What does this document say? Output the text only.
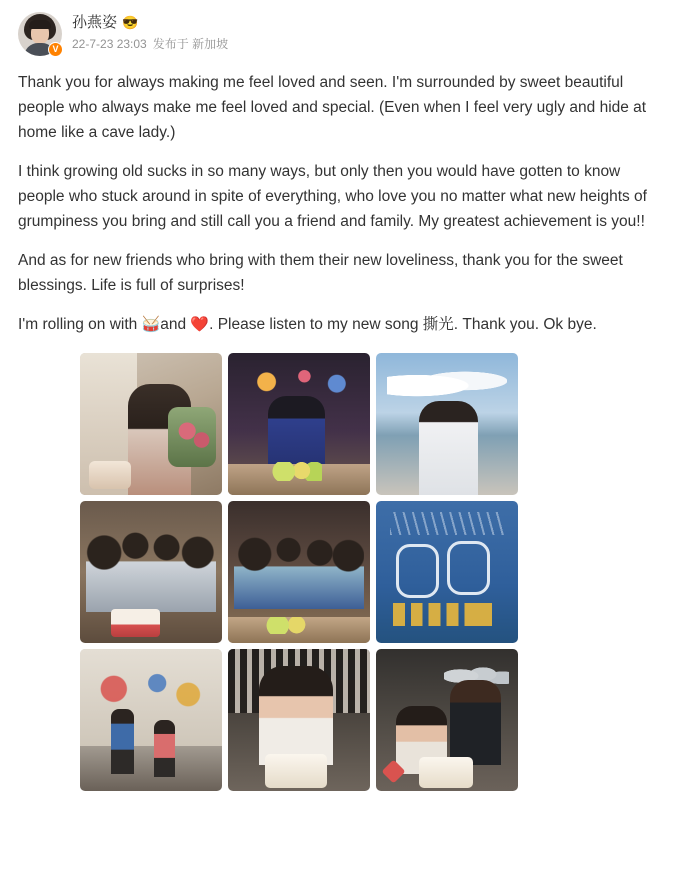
V
孙燕姿 😎
22-7-23 23:03 发布于 新加坡

Thank you for always making me feel loved and seen. I'm surrounded by sweet beautiful people who always make me feel loved and special. (Even when I feel very ugly and hide at home like a cave lady.)

I think growing old sucks in so many ways, but only then you would have gotten to know people who stuck around in spite of everything, who love you no matter what new heights of grumpiness you bring and still call you a friend and family. My greatest achievement is you!!

And as for new friends who bring with them their new loveliness, thank you for the sweet blessings. Life is full of surprises!

I'm rolling on with 🥁and ❤️. Please listen to my new song 撕光. Thank you. Ok bye.
